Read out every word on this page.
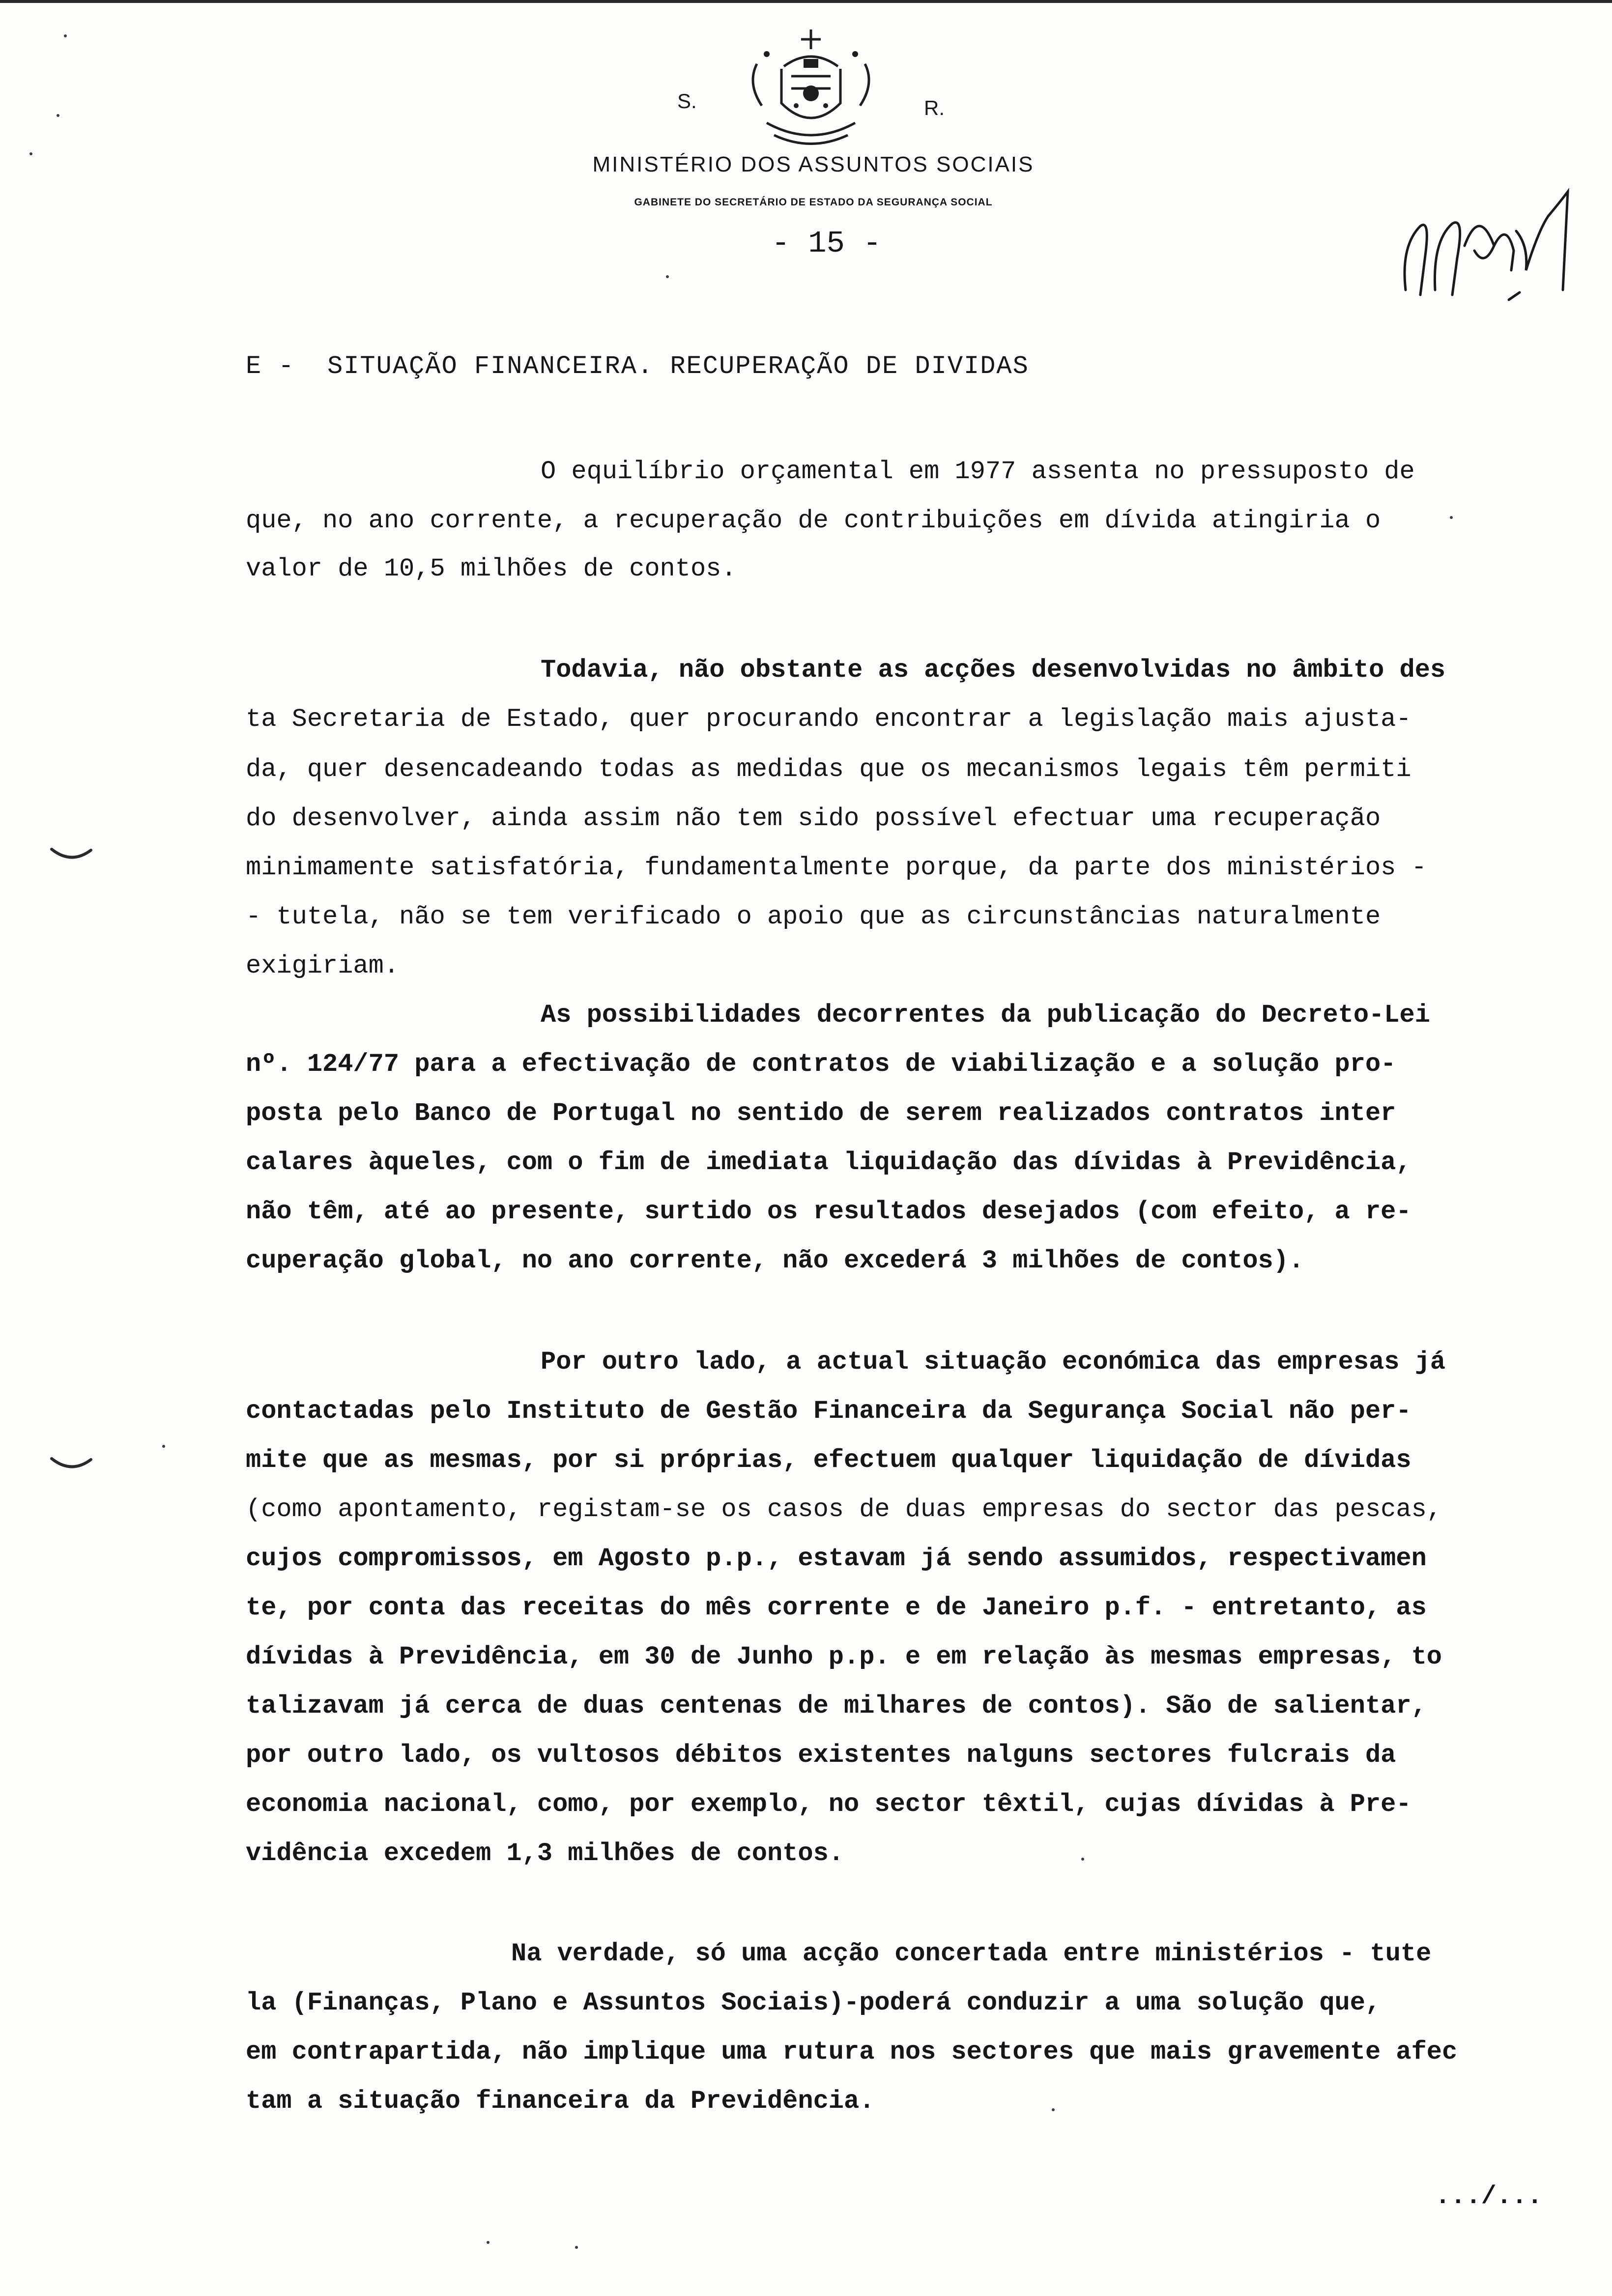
S.	R.
MINISTÉRIO DOS ASSUNTOS SOCIAIS
GABINETE DO SECRETÁRIO DE ESTADO DA SEGURANÇA SOCIAL
- 15 -
E -  SITUAÇÃO FINANCEIRA. RECUPERAÇÃO DE DIVIDAS
O equilíbrio orçamental em 1977 assenta no pressuposto de
que, no ano corrente, a recuperação de contribuições em dívida atingiria o
valor de 10,5 milhões de contos.
Todavia, não obstante as acções desenvolvidas no âmbito des
ta Secretaria de Estado, quer procurando encontrar a legislação mais ajusta-
da, quer desencadeando todas as medidas que os mecanismos legais têm permiti
do desenvolver, ainda assim não tem sido possível efectuar uma recuperação
minimamente satisfatória, fundamentalmente porque, da parte dos ministérios -
- tutela, não se tem verificado o apoio que as circunstâncias naturalmente
exigiriam.
As possibilidades decorrentes da publicação do Decreto-Lei
nº. 124/77 para a efectivação de contratos de viabilização e a solução pro-
posta pelo Banco de Portugal no sentido de serem realizados contratos inter
calares àqueles, com o fim de imediata liquidação das dívidas à Previdência,
não têm, até ao presente, surtido os resultados desejados (com efeito, a re-
cuperação global, no ano corrente, não excederá 3 milhões de contos).
Por outro lado, a actual situação económica das empresas já
contactadas pelo Instituto de Gestão Financeira da Segurança Social não per-
mite que as mesmas, por si próprias, efectuem qualquer liquidação de dívidas
(como apontamento, registam-se os casos de duas empresas do sector das pescas,
cujos compromissos, em Agosto p.p., estavam já sendo assumidos, respectivamen
te, por conta das receitas do mês corrente e de Janeiro p.f. - entretanto, as
dívidas à Previdência, em 30 de Junho p.p. e em relação às mesmas empresas, to
talizavam já cerca de duas centenas de milhares de contos). São de salientar,
por outro lado, os vultosos débitos existentes nalguns sectores fulcrais da
economia nacional, como, por exemplo, no sector têxtil, cujas dívidas à Pre-
vidência excedem 1,3 milhões de contos.
Na verdade, só uma acção concertada entre ministérios - tute
la (Finanças, Plano e Assuntos Sociais)-poderá conduzir a uma solução que,
em contrapartida, não implique uma rutura nos sectores que mais gravemente afec
tam a situação financeira da Previdência.
.../...
